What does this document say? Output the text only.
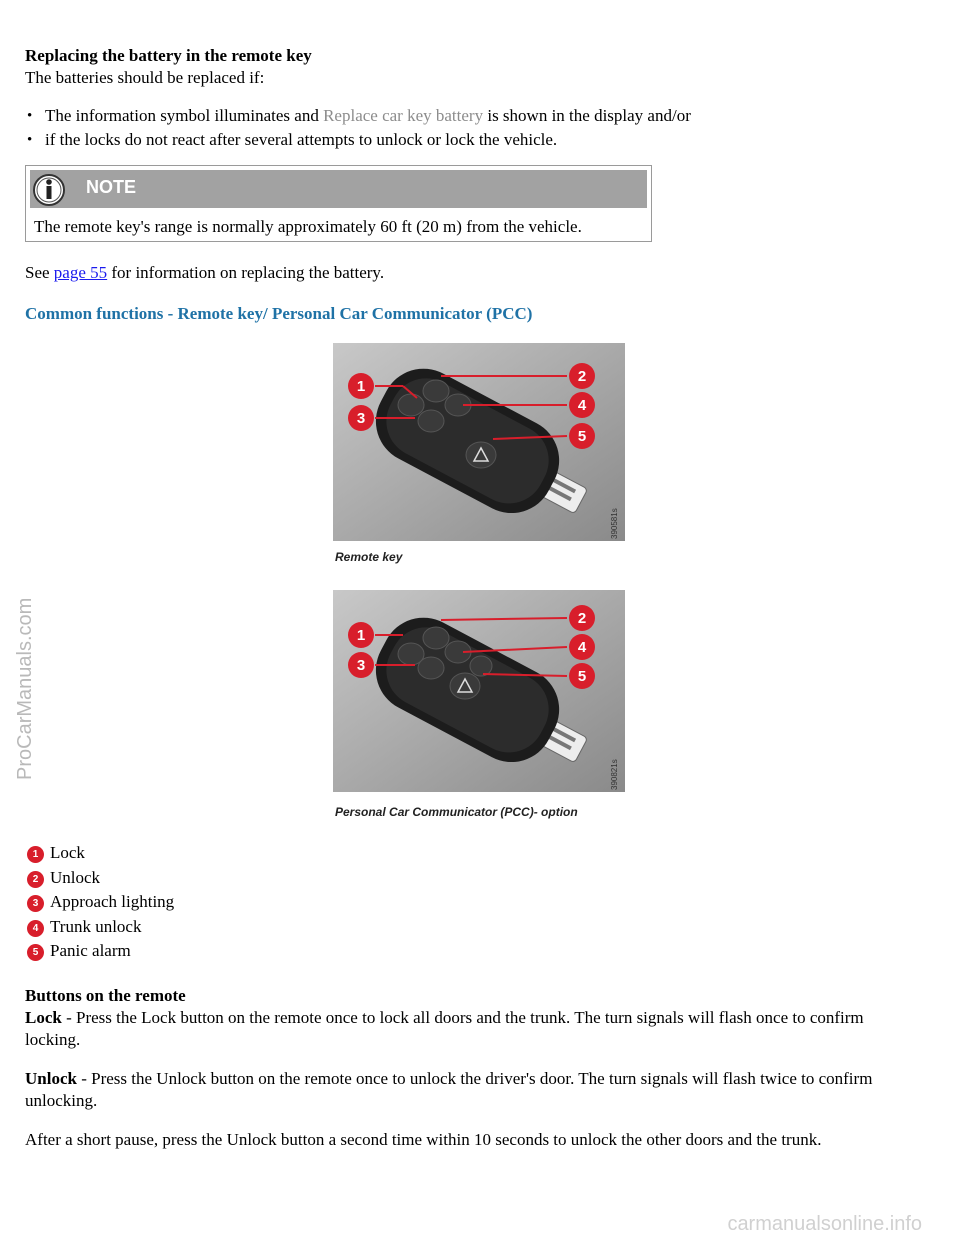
Replacing the battery in the remote key
The batteries should be replaced if:
• The information symbol illuminates and Replace car key battery is shown in the display and/or
• if the locks do not react after several attempts to unlock or lock the vehicle.
NOTE
The remote key's range is normally approximately 60 ft (20 m) from the vehicle.
See page 55 for information on replacing the battery.
Common functions - Remote key/ Personal Car Communicator (PCC)
390581s
1
2
3
4
5
Remote key
390821s
1
2
3
4
5
Personal Car Communicator (PCC)- option
1 Lock
2 Unlock
3 Approach lighting
4 Trunk unlock
5 Panic alarm
Buttons on the remote
Lock - Press the Lock button on the remote once to lock all doors and the trunk. The turn signals will flash once to confirm locking.
Unlock - Press the Unlock button on the remote once to unlock the driver's door. The turn signals will flash twice to confirm unlocking.
After a short pause, press the Unlock button a second time within 10 seconds to unlock the other doors and the trunk.
ProCarManuals.com
carmanualsonline.info
